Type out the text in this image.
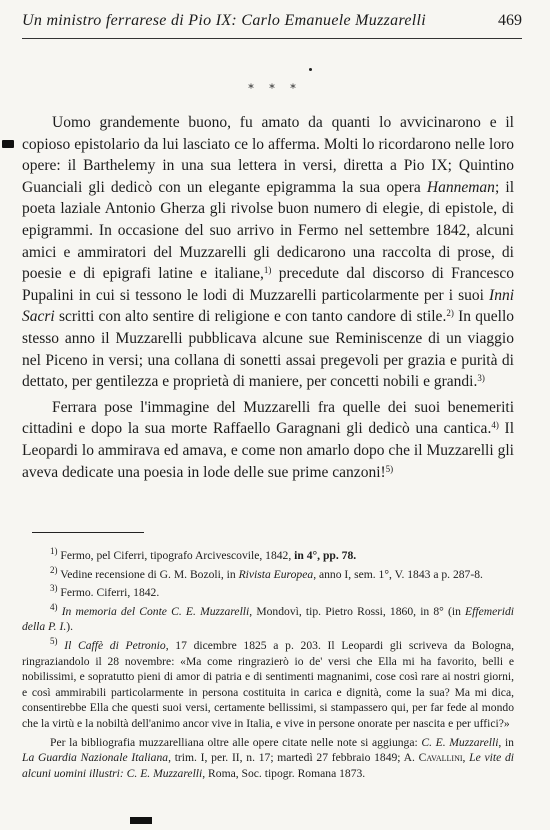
Un ministro ferrarese di Pio IX: Carlo Emanuele Muzzarelli	469
* * *

Uomo grandemente buono, fu amato da quanti lo avvicinarono e il copioso epistolario da lui lasciato ce lo afferma. Molti lo ricordarono nelle loro opere: il Barthelemy in una sua lettera in versi, diretta a Pio IX; Quintino Guanciali gli dedicò con un elegante epigramma la sua opera Hanneman; il poeta laziale Antonio Gherza gli rivolse buon numero di elegie, di epistole, di epigrammi. In occasione del suo arrivo in Fermo nel settembre 1842, alcuni amici e ammiratori del Muzzarelli gli dedicarono una raccolta di prose, di poesie e di epigrafi latine e italiane,$^{1)}$ precedute dal discorso di Francesco Pupalini in cui si tessono le lodi di Muzzarelli particolarmente per i suoi Inni Sacri scritti con alto sentire di religione e con tanto candore di stile.$^{2)}$ In quello stesso anno il Muzzarelli pubblicava alcune sue Reminiscenze di un viaggio nel Piceno in versi; una collana di sonetti assai pregevoli per grazia e purità di dettato, per gentilezza e proprietà di maniere, per concetti nobili e grandi.$^{3)}$

Ferrara pose l'immagine del Muzzarelli fra quelle dei suoi benemeriti cittadini e dopo la sua morte Raffaello Garagnani gli dedicò una cantica.$^{4)}$ Il Leopardi lo ammirava ed amava, e come non amarlo dopo che il Muzzarelli gli aveva dedicate una poesia in lode delle sue prime canzoni!$^{5)}$

$^{1)}$ Fermo, pel Ciferri, tipografo Arcivescovile, 1842, in 4°, pp. 78.

$^{2)}$ Vedine recensione di G. M. Bozoli, in Rivista Europea, anno I, sem. 1°, V. 1843 a p. 287-8.

$^{3)}$ Fermo. Ciferri, 1842.

$^{4)}$ In memoria del Conte C. E. Muzzarelli, Mondovì, tip. Pietro Rossi, 1860, in 8° (in Effemeridi della P. I.).

$^{5)}$ Il Caffè di Petronio, 17 dicembre 1825 a p. 203. Il Leopardi gli scriveva da Bologna, ringraziandolo il 28 novembre: «Ma come ringrazierò io de' versi che Ella mi ha favorito, belli e nobilissimi, e sopratutto pieni di amor di patria e di sentimenti magnanimi, cose così rare ai nostri giorni, e così ammirabili particolarmente in persona costituita in carica e dignità, come la sua? Ma mi dica, consentirebbe Ella che questi suoi versi, certamente bellissimi, si stampassero qui, per far fede al mondo che la virtù e la nobiltà dell'animo ancor vive in Italia, e vive in persone onorate per nascita e per uffici?»

Per la bibliografia muzzarelliana oltre alle opere citate nelle note si aggiunga: C. E. Muzzarelli, in La Guardia Nazionale Italiana, trim. I, per. II, n. 17; martedì 27 febbraio 1849; A. Cavallini, Le vite di alcuni uomini illustri: C. E. Muzzarelli, Roma, Soc. tipogr. Romana 1873.
